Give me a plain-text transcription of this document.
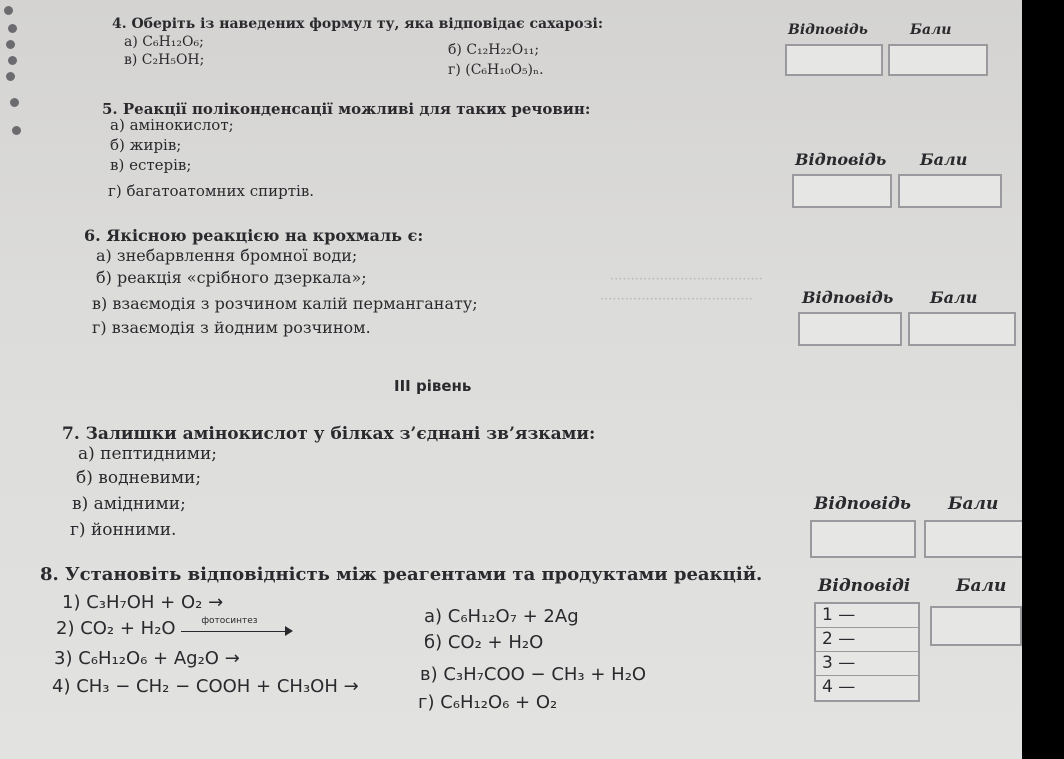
4. Оберіть із наведених формул ту, яка відповідає сахарозі:
а) C₆H₁₂O₆;	б) C₁₂H₂₂O₁₁;
в) C₂H₅OH;
г) (C₆H₁₀O₅)ₙ.
Відповідь	Бали
5. Реакції поліконденсації можливі для таких речовин:
а) амінокислот;
б) жирів;
в) естерів;
г) багатоатомних спиртів.
Відповідь Бали
·····································
·····································
6. Якісною реакцією на крохмаль є:
а) знебарвлення бромної води;
б) реакція «срібного дзеркала»;
в) взаємодія з розчином калій перманганату;
г) взаємодія з йодним розчином.
Відповідь Бали
III рівень
7. Залишки амінокислот у білках з’єднані зв’язками:
а) пептидними;
б) водневими;
в) амідними;
г) йонними.
Відповідь Бали
8. Установіть відповідність між реагентами та продуктами реакцій.
1) C₃H₇OH + O₂ →
2) CO₂ + H₂O	фотосинтез
3) C₆H₁₂O₆ + Ag₂O →
4) CH₃ − CH₂ − COOH + CH₃OH →
а) C₆H₁₂O₇ + 2Ag
б) CO₂ + H₂O
в) C₃H₇COO − CH₃ + H₂O
г) C₆H₁₂O₆ + O₂
Відповіді	Бали
1 —
2 —
3 —
4 —
